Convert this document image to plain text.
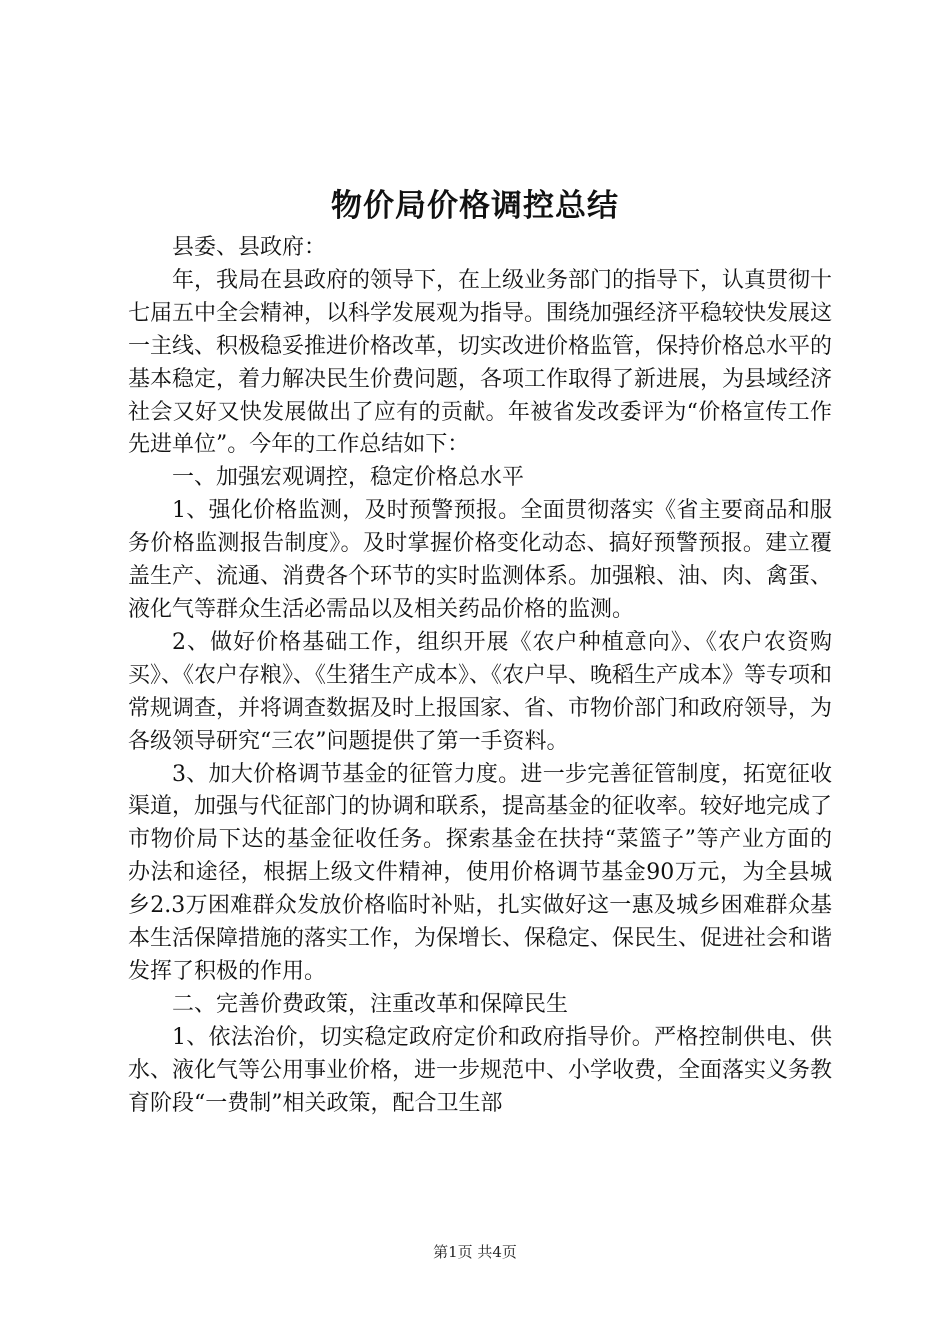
物价局价格调控总结

县委、县政府：

年，我局在县政府的领导下，在上级业务部门的指导下，认真贯彻十七届五中全会精神，以科学发展观为指导。围绕加强经济平稳较快发展这一主线、积极稳妥推进价格改革，切实改进价格监管，保持价格总水平的基本稳定，着力解决民生价费问题，各项工作取得了新进展，为县域经济社会又好又快发展做出了应有的贡献。年被省发改委评为“价格宣传工作先进单位”。今年的工作总结如下：

一、加强宏观调控，稳定价格总水平

1、强化价格监测，及时预警预报。全面贯彻落实《省主要商品和服务价格监测报告制度》。及时掌握价格变化动态、搞好预警预报。建立覆盖生产、流通、消费各个环节的实时监测体系。加强粮、油、肉、禽蛋、液化气等群众生活必需品以及相关药品价格的监测。

2、做好价格基础工作，组织开展《农户种植意向》、《农户农资购买》、《农户存粮》、《生猪生产成本》、《农户早、晚稻生产成本》等专项和常规调查，并将调查数据及时上报国家、省、市物价部门和政府领导，为各级领导研究“三农”问题提供了第一手资料。

3、加大价格调节基金的征管力度。进一步完善征管制度，拓宽征收渠道，加强与代征部门的协调和联系，提高基金的征收率。较好地完成了市物价局下达的基金征收任务。探索基金在扶持“菜篮子”等产业方面的办法和途径，根据上级文件精神，使用价格调节基金90万元，为全县城乡2.3万困难群众发放价格临时补贴，扎实做好这一惠及城乡困难群众基本生活保障措施的落实工作，为保增长、保稳定、保民生、促进社会和谐发挥了积极的作用。

二、完善价费政策，注重改革和保障民生

1、依法治价，切实稳定政府定价和政府指导价。严格控制供电、供水、液化气等公用事业价格，进一步规范中、小学收费，全面落实义务教育阶段“一费制”相关政策，配合卫生部

第1页 共4页
